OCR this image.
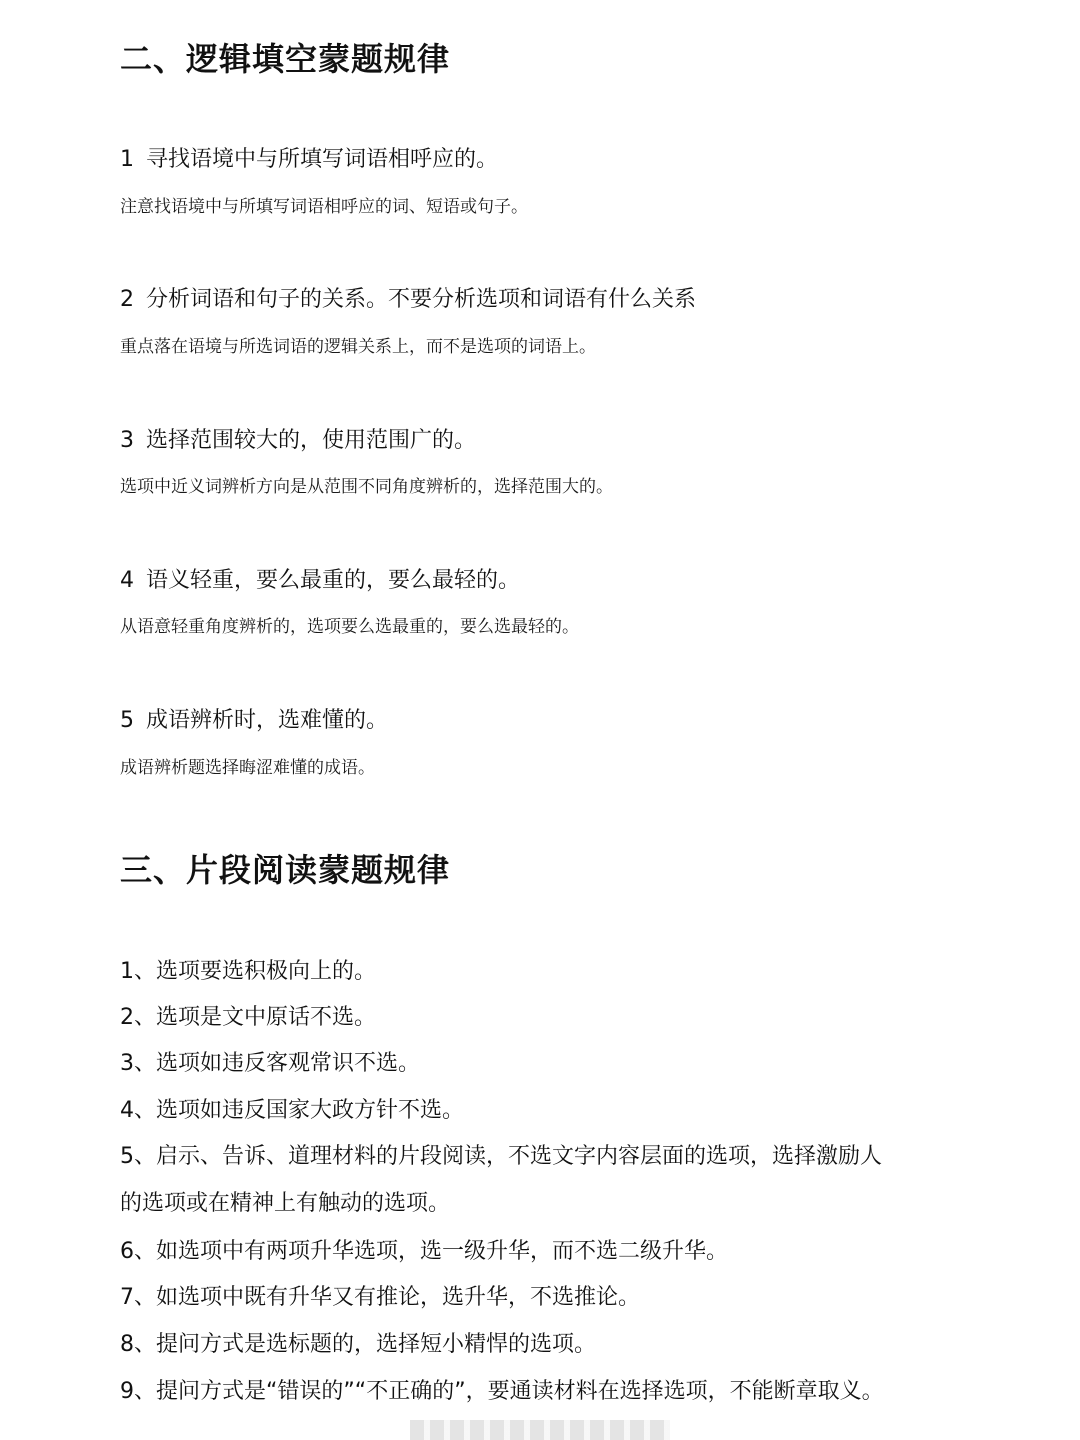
二、逻辑填空蒙题规律
1 寻找语境中与所填写词语相呼应的。
注意找语境中与所填写词语相呼应的词、短语或句子。
2 分析词语和句子的关系。不要分析选项和词语有什么关系
重点落在语境与所选词语的逻辑关系上，而不是选项的词语上。
3 选择范围较大的，使用范围广的。
选项中近义词辨析方向是从范围不同角度辨析的，选择范围大的。
4 语义轻重，要么最重的，要么最轻的。
从语意轻重角度辨析的，选项要么选最重的，要么选最轻的。
5 成语辨析时，选难懂的。
成语辨析题选择晦涩难懂的成语。
三、片段阅读蒙题规律
1、选项要选积极向上的。
2、选项是文中原话不选。
3、选项如违反客观常识不选。
4、选项如违反国家大政方针不选。
5、启示、告诉、道理材料的片段阅读，不选文字内容层面的选项，选择激励人
的选项或在精神上有触动的选项。
6、如选项中有两项升华选项，选一级升华，而不选二级升华。
7、如选项中既有升华又有推论，选升华，不选推论。
8、提问方式是选标题的，选择短小精悍的选项。
9、提问方式是“错误的”“不正确的”，要通读材料在选择选项，不能断章取义。
